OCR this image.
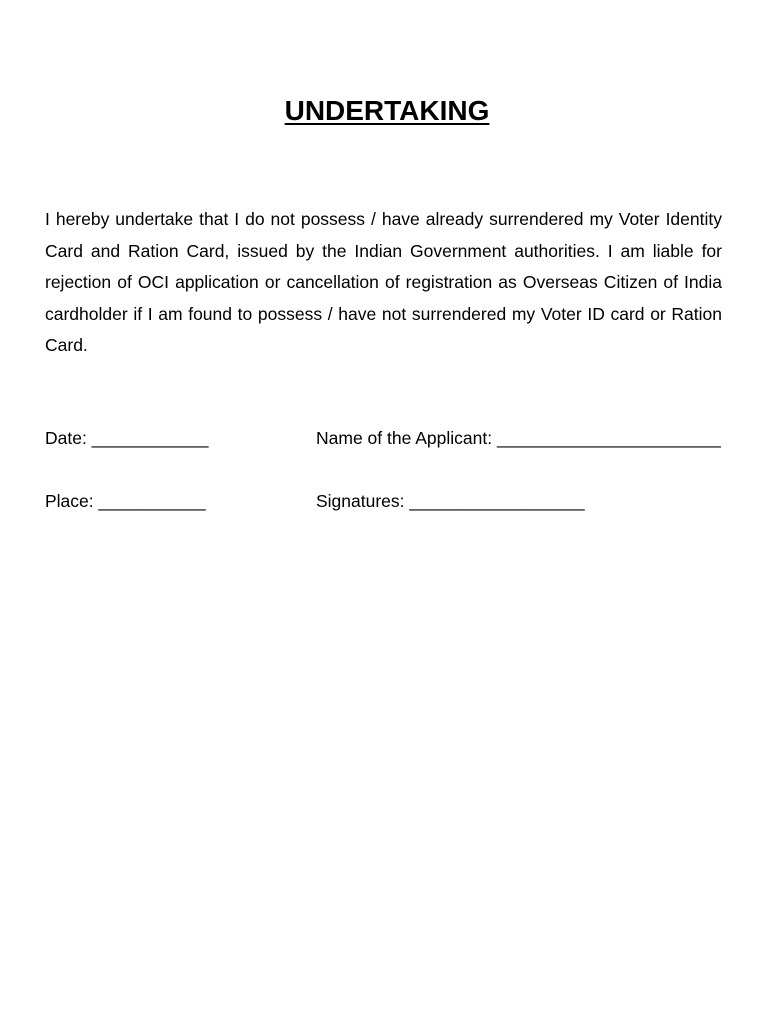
UNDERTAKING

I hereby undertake that I do not possess / have already surrendered my Voter Identity Card and Ration Card, issued by the Indian Government authorities. I am liable for rejection of OCI application or cancellation of registration as Overseas Citizen of India cardholder if I am found to possess / have not surrendered my Voter ID card or Ration Card.

Date: ____________	Name of the Applicant: _______________________
Place: ___________	Signatures: __________________
